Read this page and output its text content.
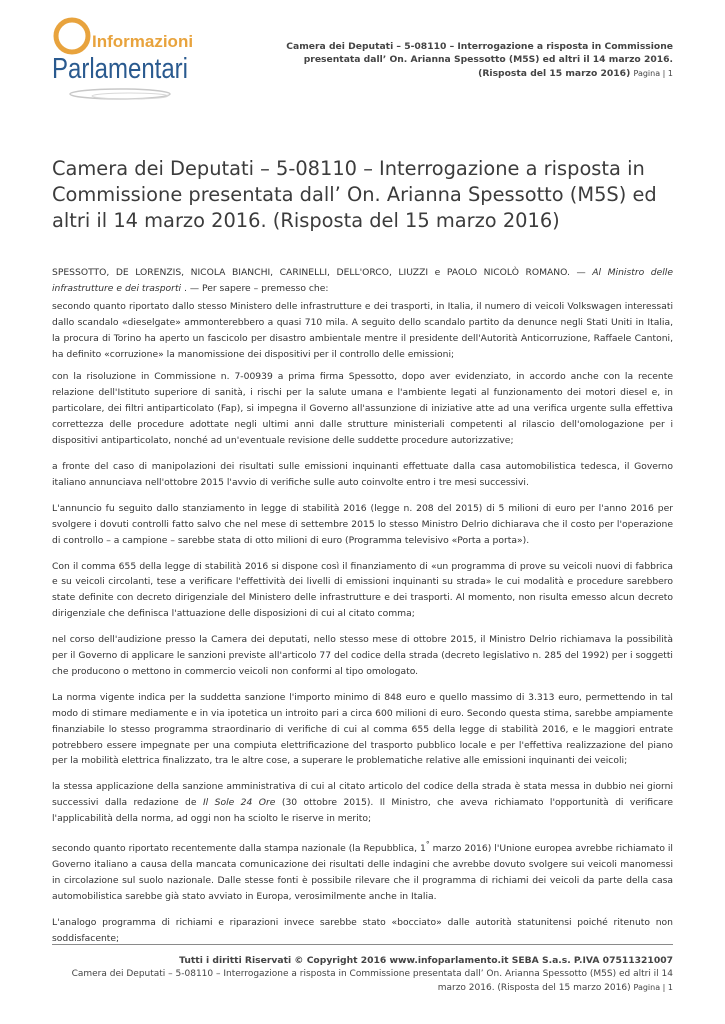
Informazioni
Parlamentari
Camera dei Deputati – 5-08110 – Interrogazione a risposta in Commissione presentata dall’ On. Arianna Spessotto (M5S) ed altri il 14 marzo 2016. (Risposta del 15 marzo 2016) Pagina | 1
Camera dei Deputati – 5-08110 – Interrogazione a risposta in Commissione presentata dall’ On. Arianna Spessotto (M5S) ed altri il 14 marzo 2016. (Risposta del 15 marzo 2016)

SPESSOTTO, DE LORENZIS, NICOLA BIANCHI, CARINELLI, DELL'ORCO, LIUZZI e PAOLO NICOLÒ ROMANO. — Al Ministro delle infrastrutture e dei trasporti . — Per sapere – premesso che:

secondo quanto riportato dallo stesso Ministero delle infrastrutture e dei trasporti, in Italia, il numero di veicoli Volkswagen interessati dallo scandalo «dieselgate» ammonterebbero a quasi 710 mila. A seguito dello scandalo partito da denunce negli Stati Uniti in Italia, la procura di Torino ha aperto un fascicolo per disastro ambientale mentre il presidente dell'Autorità Anticorruzione, Raffaele Cantoni, ha definito «corruzione» la manomissione dei dispositivi per il controllo delle emissioni;

con la risoluzione in Commissione n. 7-00939 a prima firma Spessotto, dopo aver evidenziato, in accordo anche con la recente relazione dell'Istituto superiore di sanità, i rischi per la salute umana e l'ambiente legati al funzionamento dei motori diesel e, in particolare, dei filtri antiparticolato (Fap), si impegna il Governo all'assunzione di iniziative atte ad una verifica urgente sulla effettiva correttezza delle procedure adottate negli ultimi anni dalle strutture ministeriali competenti al rilascio dell'omologazione per i dispositivi antiparticolato, nonché ad un'eventuale revisione delle suddette procedure autorizzative;

a fronte del caso di manipolazioni dei risultati sulle emissioni inquinanti effettuate dalla casa automobilistica tedesca, il Governo italiano annunciava nell'ottobre 2015 l'avvio di verifiche sulle auto coinvolte entro i tre mesi successivi.

L'annuncio fu seguito dallo stanziamento in legge di stabilità 2016 (legge n. 208 del 2015) di 5 milioni di euro per l'anno 2016 per svolgere i dovuti controlli fatto salvo che nel mese di settembre 2015 lo stesso Ministro Delrio dichiarava che il costo per l'operazione di controllo – a campione – sarebbe stata di otto milioni di euro (Programma televisivo «Porta a porta»).

Con il comma 655 della legge di stabilità 2016 si dispone così il finanziamento di «un programma di prove su veicoli nuovi di fabbrica e su veicoli circolanti, tese a verificare l'effettività dei livelli di emissioni inquinanti su strada» le cui modalità e procedure sarebbero state definite con decreto dirigenziale del Ministero delle infrastrutture e dei trasporti. Al momento, non risulta emesso alcun decreto dirigenziale che definisca l'attuazione delle disposizioni di cui al citato comma;

nel corso dell'audizione presso la Camera dei deputati, nello stesso mese di ottobre 2015, il Ministro Delrio richiamava la possibilità per il Governo di applicare le sanzioni previste all'articolo 77 del codice della strada (decreto legislativo n. 285 del 1992) per i soggetti che producono o mettono in commercio veicoli non conformi al tipo omologato.

La norma vigente indica per la suddetta sanzione l'importo minimo di 848 euro e quello massimo di 3.313 euro, permettendo in tal modo di stimare mediamente e in via ipotetica un introito pari a circa 600 milioni di euro. Secondo questa stima, sarebbe ampiamente finanziabile lo stesso programma straordinario di verifiche di cui al comma 655 della legge di stabilità 2016, e le maggiori entrate potrebbero essere impegnate per una compiuta elettrificazione del trasporto pubblico locale e per l'effettiva realizzazione del piano per la mobilità elettrica finalizzato, tra le altre cose, a superare le problematiche relative alle emissioni inquinanti dei veicoli;

la stessa applicazione della sanzione amministrativa di cui al citato articolo del codice della strada è stata messa in dubbio nei giorni successivi dalla redazione de Il Sole 24 Ore (30 ottobre 2015). Il Ministro, che aveva richiamato l'opportunità di verificare l'applicabilità della norma, ad oggi non ha sciolto le riserve in merito;

secondo quanto riportato recentemente dalla stampa nazionale (la Repubblica, 1° marzo 2016) l'Unione europea avrebbe richiamato il Governo italiano a causa della mancata comunicazione dei risultati delle indagini che avrebbe dovuto svolgere sui veicoli manomessi in circolazione sul suolo nazionale. Dalle stesse fonti è possibile rilevare che il programma di richiami dei veicoli da parte della casa automobilistica sarebbe già stato avviato in Europa, verosimilmente anche in Italia.

L'analogo programma di richiami e riparazioni invece sarebbe stato «bocciato» dalle autorità statunitensi poiché ritenuto non soddisfacente;

Tutti i diritti Riservati © Copyright 2016 www.infoparlamento.it SEBA S.a.s. P.IVA 07511321007
Camera dei Deputati – 5-08110 – Interrogazione a risposta in Commissione presentata dall’ On. Arianna Spessotto (M5S) ed altri il 14 marzo 2016. (Risposta del 15 marzo 2016) Pagina | 1
